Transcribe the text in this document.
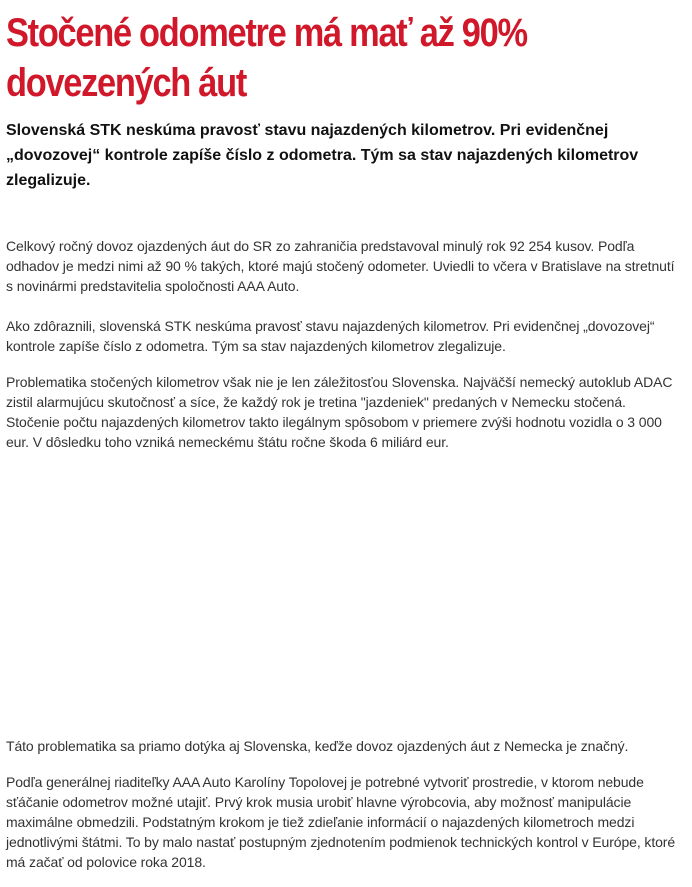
Stočené odometre má mať až 90% dovezených áut

Slovenská STK neskúma pravosť stavu najazdených kilometrov. Pri evidenčnej „dovozovej“ kontrole zapíše číslo z odometra. Tým sa stav najazdených kilometrov zlegalizuje.

Celkový ročný dovoz ojazdených áut do SR zo zahraničia predstavoval minulý rok 92 254 kusov. Podľa odhadov je medzi nimi až 90 % takých, ktoré majú stočený odometer. Uviedli to včera v Bratislave na stretnutí s novinármi predstavitelia spoločnosti AAA Auto.

Ako zdôraznili, slovenská STK neskúma pravosť stavu najazdených kilometrov. Pri evidenčnej „dovozovej“ kontrole zapíše číslo z odometra. Tým sa stav najazdených kilometrov zlegalizuje.

Problematika stočených kilometrov však nie je len záležitosťou Slovenska. Najväčší nemecký autoklub ADAC zistil alarmujúcu skutočnosť a síce, že každý rok je tretina "jazdeniek" predaných v Nemecku stočená. Stočenie počtu najazdených kilometrov takto ilegálnym spôsobom v priemere zvýši hodnotu vozidla o 3 000 eur. V dôsledku toho vzniká nemeckému štátu ročne škoda 6 miliárd eur.

Táto problematika sa priamo dotýka aj Slovenska, keďže dovoz ojazdených áut z Nemecka je značný.

Podľa generálnej riaditeľky AAA Auto Karolíny Topolovej je potrebné vytvoriť prostredie, v ktorom nebude sťáčanie odometrov možné utajiť. Prvý krok musia urobiť hlavne výrobcovia, aby možnosť manipulácie maximálne obmedzili. Podstatným krokom je tiež zdieľanie informácií o najazdených kilometroch medzi jednotlivými štátmi. To by malo nastať postupným zjednotením podmienok technických kontrol v Európe, ktoré má začať od polovice roka 2018.
